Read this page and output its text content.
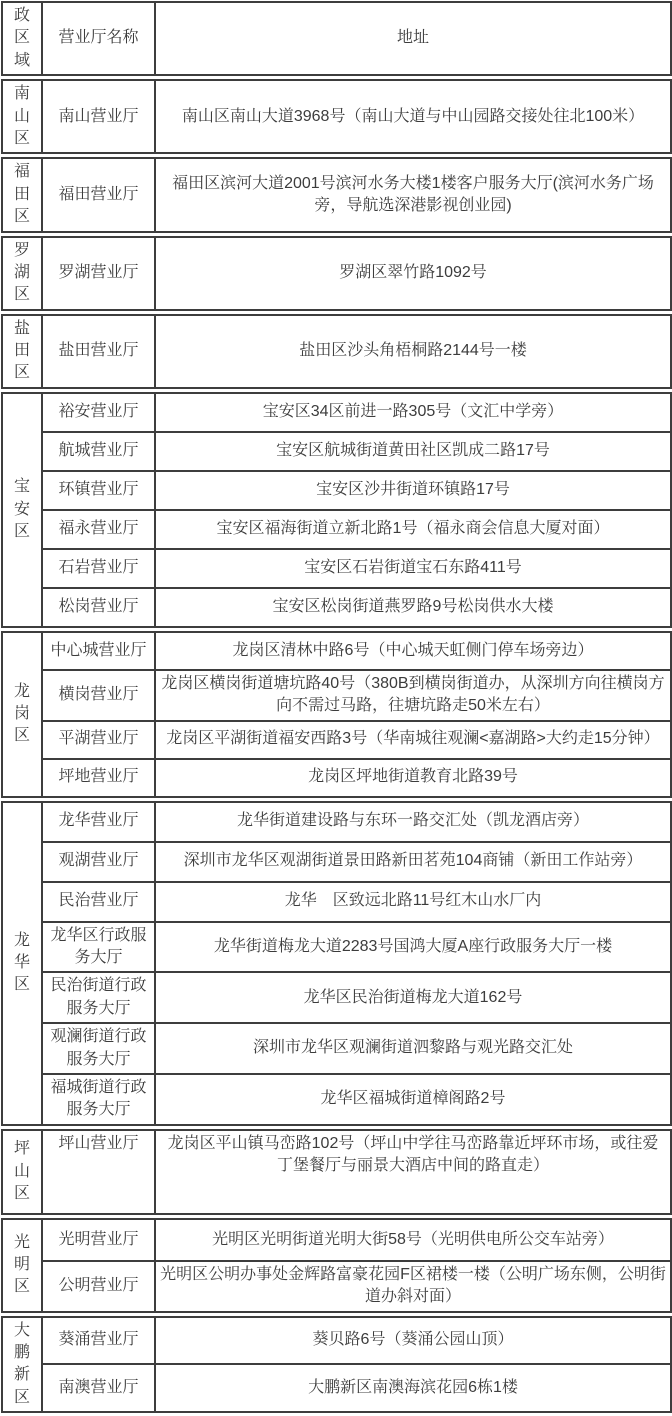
政区域	营业厅名称	地址
南山区	南山营业厅	南山区南山大道3968号（南山大道与中山园路交接处往北100米）
福田区	福田营业厅	福田区滨河大道2001号滨河水务大楼1楼客户服务大厅(滨河水务广场旁，导航选深港影视创业园)
罗湖区	罗湖营业厅	罗湖区翠竹路1092号
盐田区	盐田营业厅	盐田区沙头角梧桐路2144号一楼
宝安区	裕安营业厅	宝安区34区前进一路305号（文汇中学旁）
	航城营业厅	宝安区航城街道黄田社区凯成二路17号
	环镇营业厅	宝安区沙井街道环镇路17号
	福永营业厅	宝安区福海街道立新北路1号（福永商会信息大厦对面）
	石岩营业厅	宝安区石岩街道宝石东路411号
	松岗营业厅	宝安区松岗街道燕罗路9号松岗供水大楼
龙岗区	中心城营业厅	龙岗区清林中路6号（中心城天虹侧门停车场旁边）
	横岗营业厅	龙岗区横岗街道塘坑路40号（380B到横岗街道办，从深圳方向往横岗方向不需过马路，往塘坑路走50米左右）
	平湖营业厅	龙岗区平湖街道福安西路3号（华南城往观澜<嘉湖路>大约走15分钟）
	坪地营业厅	龙岗区坪地街道教育北路39号
龙华区	龙华营业厅	龙华街道建设路与东环一路交汇处（凯龙酒店旁）
	观湖营业厅	深圳市龙华区观湖街道景田路新田茗苑104商铺（新田工作站旁）
	民治营业厅	龙华　区致远北路11号红木山水厂内
	龙华区行政服务大厅	龙华街道梅龙大道2283号国鸿大厦A座行政服务大厅一楼
	民治街道行政服务大厅	龙华区民治街道梅龙大道162号
	观澜街道行政服务大厅	深圳市龙华区观澜街道泗黎路与观光路交汇处
	福城街道行政服务大厅	龙华区福城街道樟阁路2号
坪山区	坪山营业厅	龙岗区平山镇马峦路102号（坪山中学往马峦路靠近坪环市场，或往爱丁堡餐厅与丽景大酒店中间的路直走）
光明区	光明营业厅	光明区光明街道光明大街58号（光明供电所公交车站旁）
	公明营业厅	光明区公明办事处金辉路富豪花园F区裙楼一楼（公明广场东侧，公明街道办斜对面）
大鹏新区	葵涌营业厅	葵贝路6号（葵涌公园山顶）
	南澳营业厅	大鹏新区南澳海滨花园6栋1楼
